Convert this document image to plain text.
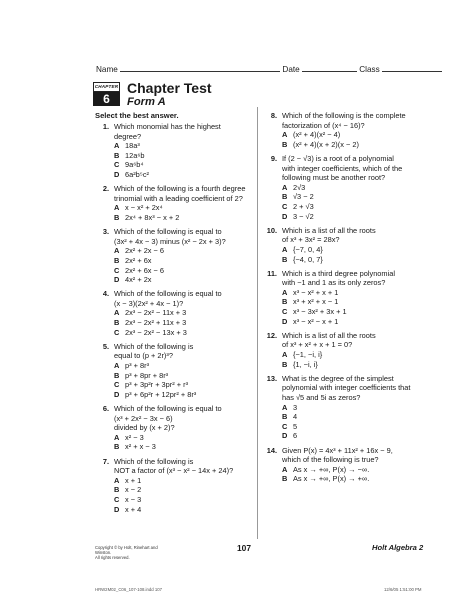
Name	Date	Class
CHAPTER
6
Chapter Test
Form A
Select the best answer.
1. Which monomial has the highest
degree?
A 18a³
B 12a⁶b
C 9a⁶b⁴
D 6a²b⁵c²
2. Which of the following is a fourth degree
trinomial with a leading coefficient of 2?
A x − x² + 2x⁴
B 2x⁴ + 8x³ − x + 2
3. Which of the following is equal to
(3x² + 4x − 3) minus (x² − 2x + 3)?
A 2x² + 2x − 6
B 2x² + 6x
C 2x² + 6x − 6
D 4x² + 2x
4. Which of the following is equal to
(x − 3)(2x² + 4x − 1)?
A 2x³ − 2x² − 11x + 3
B 2x³ − 2x² + 11x + 3
C 2x³ − 2x² − 13x + 3
5. Which of the following is
equal to (p + 2r)³?
A p³ + 8r³
B p³ + 8pr + 8r³
C p³ + 3p²r + 3pr² + r³
D p³ + 6p²r + 12pr² + 8r³
6. Which of the following is equal to
(x³ + 2x² − 3x − 6)
divided by (x + 2)?
A x² − 3
B x² + x − 3
7. Which of the following is
NOT a factor of (x³ − x² − 14x + 24)?
A x + 1
B x − 2
C x − 3
D x + 4
8. Which of the following is the complete
factorization of (x⁴ − 16)?
A (x² + 4)(x² − 4)
B (x² + 4)(x + 2)(x − 2)
9. If (2 − √3) is a root of a polynomial
with integer coefficients, which of the
following must be another root?
A 2√3
B √3 − 2
C 2 + √3
D 3 − √2
10. Which is a list of all the roots
of x³ + 3x² = 28x?
A {−7, 0, 4}
B {−4, 0, 7}
11. Which is a third degree polynomial
with −1 and 1 as its only zeros?
A x³ − x² + x + 1
B x³ + x² + x − 1
C x³ − 3x² + 3x + 1
D x³ − x² − x + 1
12. Which is a list of all the roots
of x³ + x² + x + 1 = 0?
A {−1, −i, i}
B {1, −i, i}
13. What is the degree of the simplest
polynomial with integer coefficients that
has √5 and 5i as zeros?
A 3
B 4
C 5
D 6
14. Given P(x) = 4x³ + 11x² + 16x − 9,
which of the following is true?
A As x → +∞, P(x) → −∞.
B As x → +∞, P(x) → +∞.
Copyright © by Holt, Rinehart and Winston.
All rights reserved.
107	Holt Algebra 2
HRW2M02_C06_107-108.indd 107	12/6/05 1:51:00 PM
